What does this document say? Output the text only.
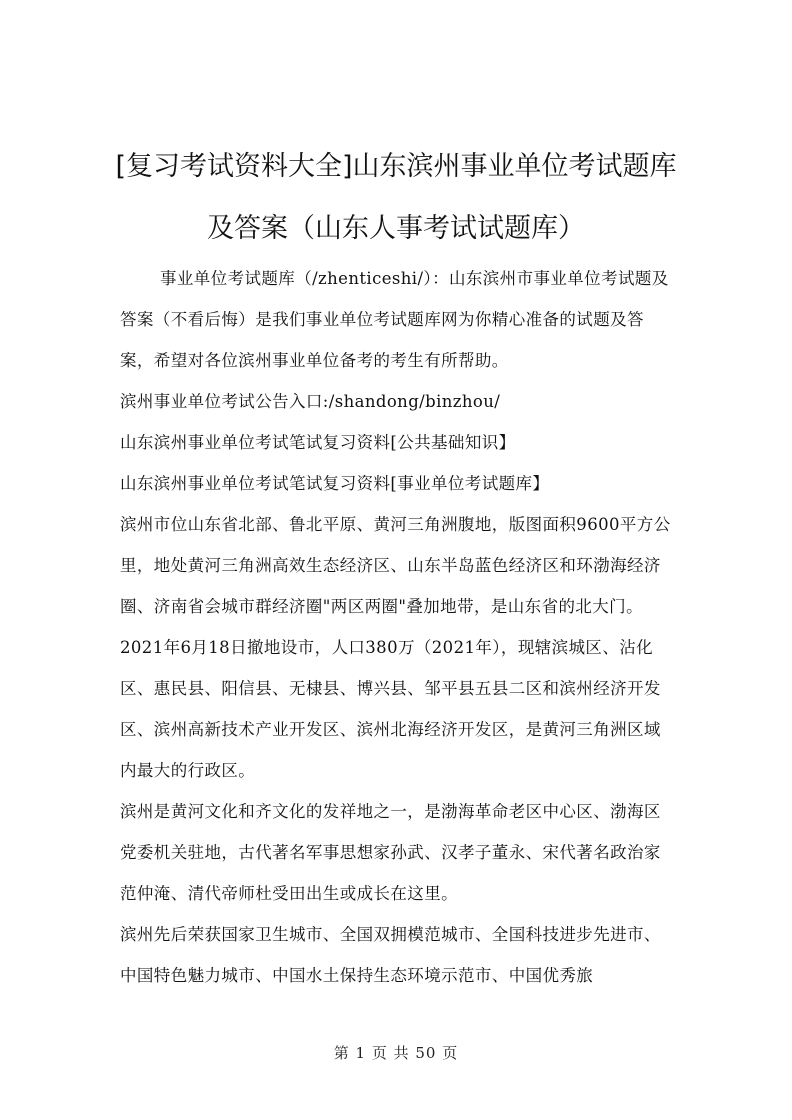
[复习考试资料大全]山东滨州事业单位考试题库
及答案（山东人事考试试题库）

事业单位考试题库（/zhenticeshi/）：山东滨州市事业单位考试题及答案（不看后悔）是我们事业单位考试题库网为你精心准备的试题及答案，希望对各位滨州事业单位备考的考生有所帮助。

滨州事业单位考试公告入口:/shandong/binzhou/

山东滨州事业单位考试笔试复习资料[公共基础知识】

山东滨州事业单位考试笔试复习资料[事业单位考试题库】

滨州市位山东省北部、鲁北平原、黄河三角洲腹地，版图面积9600平方公里，地处黄河三角洲高效生态经济区、山东半岛蓝色经济区和环渤海经济圈、济南省会城市群经济圈"两区两圈"叠加地带，是山东省的北大门。2021年6月18日撤地设市，人口380万（2021年），现辖滨城区、沾化区、惠民县、阳信县、无棣县、博兴县、邹平县五县二区和滨州经济开发区、滨州高新技术产业开发区、滨州北海经济开发区，是黄河三角洲区域内最大的行政区。

滨州是黄河文化和齐文化的发祥地之一，是渤海革命老区中心区、渤海区党委机关驻地，古代著名军事思想家孙武、汉孝子董永、宋代著名政治家范仲淹、清代帝师杜受田出生或成长在这里。

滨州先后荣获国家卫生城市、全国双拥模范城市、全国科技进步先进市、中国特色魅力城市、中国水土保持生态环境示范市、中国优秀旅

第 1 页 共 50 页
